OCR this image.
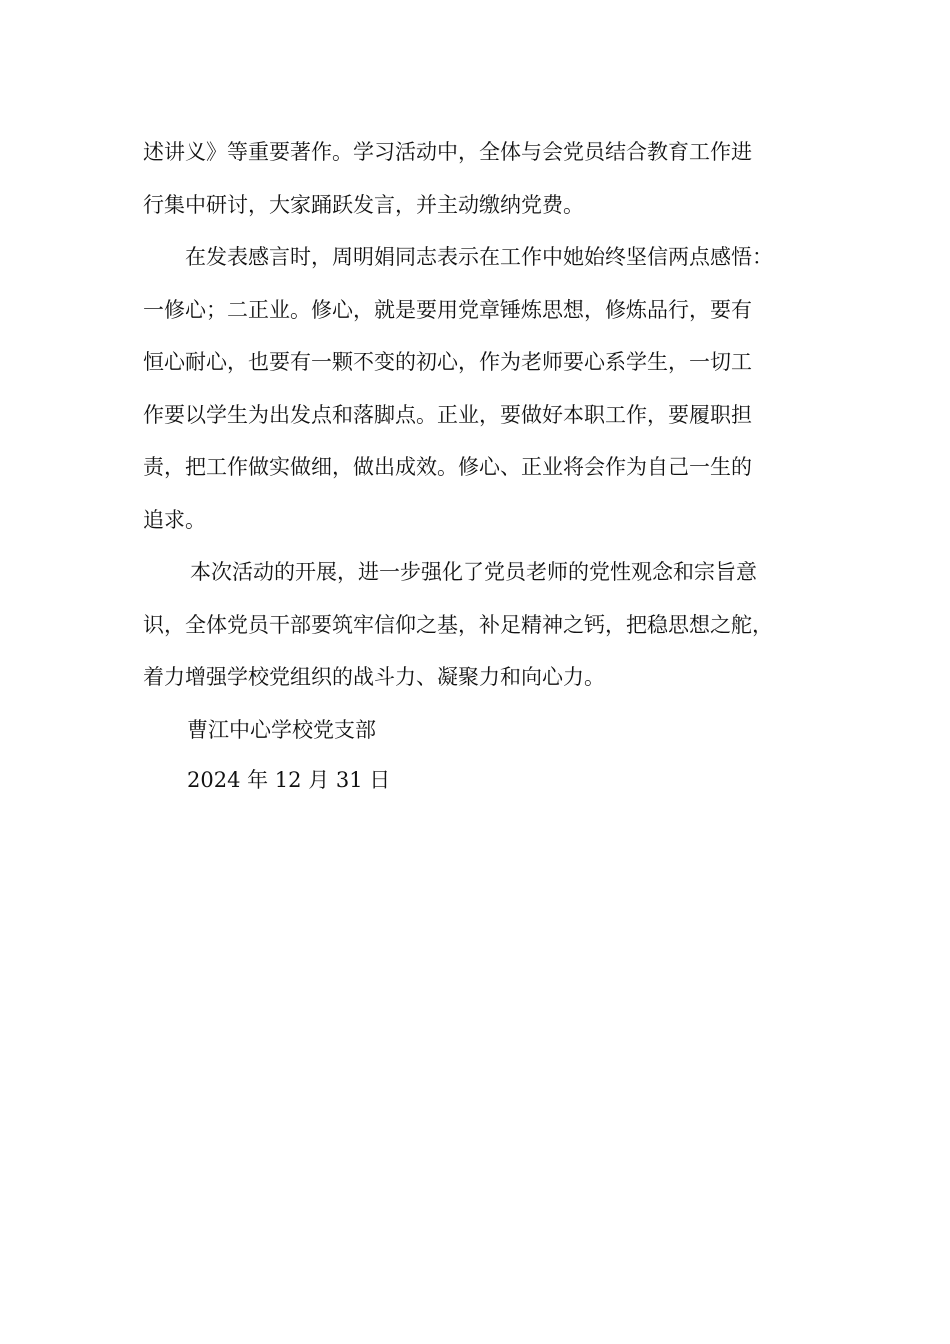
述讲义》等重要著作。学习活动中，全体与会党员结合教育工作进
行集中研讨，大家踊跃发言，并主动缴纳党费。
在发表感言时，周明娟同志表示在工作中她始终坚信两点感悟：
一修心；二正业。修心，就是要用党章锤炼思想，修炼品行，要有
恒心耐心，也要有一颗不变的初心，作为老师要心系学生，一切工
作要以学生为出发点和落脚点。正业，要做好本职工作，要履职担
责，把工作做实做细，做出成效。修心、正业将会作为自己一生的
追求。
本次活动的开展，进一步强化了党员老师的党性观念和宗旨意
识，全体党员干部要筑牢信仰之基，补足精神之钙，把稳思想之舵，
着力增强学校党组织的战斗力、凝聚力和向心力。
曹江中心学校党支部
2024 年 12 月 31 日
